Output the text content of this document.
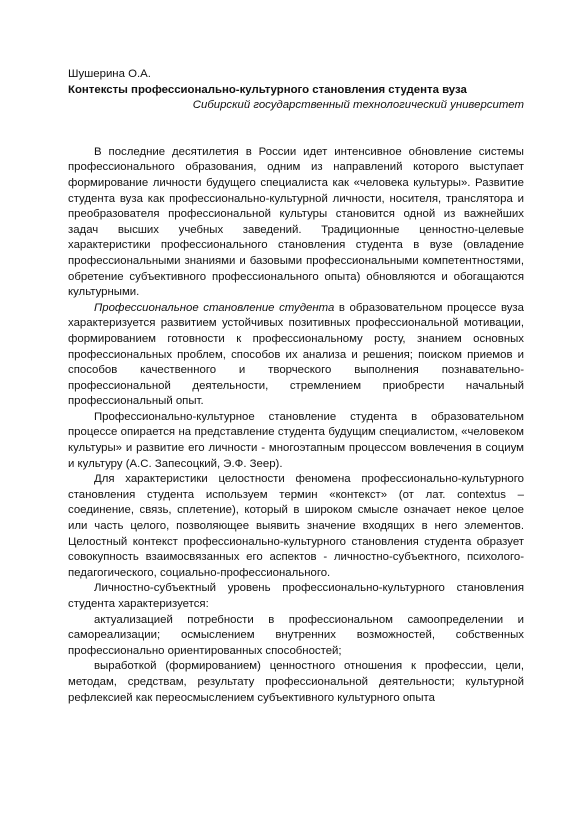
Шушерина О.А.

Контексты профессионально-культурного становления студента вуза

Сибирский государственный технологический университет

В последние десятилетия в России идет интенсивное обновление системы профессионального образования, одним из направлений которого выступает формирование личности будущего специалиста как «человека культуры». Развитие студента вуза как профессионально-культурной личности, носителя, транслятора и преобразователя профессиональной культуры становится одной из важнейших задач высших учебных заведений. Традиционные ценностно-целевые характеристики профессионального становления студента в вузе (овладение профессиональными знаниями и базовыми профессиональными компетентностями, обретение субъективного профессионального опыта) обновляются и обогащаются культурными.

Профессиональное становление студента в образовательном процессе вуза характеризуется развитием устойчивых позитивных профессиональной мотивации, формированием готовности к профессиональному росту, знанием основных профессиональных проблем, способов их анализа и решения; поиском приемов и способов качественного и творческого выполнения познавательно-профессиональной деятельности, стремлением приобрести начальный профессиональный опыт.

Профессионально-культурное становление студента в образовательном процессе опирается на представление студента будущим специалистом, «человеком культуры» и развитие его личности - многоэтапным процессом вовлечения в социум и культуру (А.С. Запесоцкий, Э.Ф. Зеер).

Для характеристики целостности феномена профессионально-культурного становления студента используем термин «контекст» (от лат. contextus – соединение, связь, сплетение), который в широком смысле означает некое целое или часть целого, позволяющее выявить значение входящих в него элементов. Целостный контекст профессионально-культурного становления студента образует совокупность взаимосвязанных его аспектов - личностно-субъектного, психолого-педагогического, социально-профессионального.

Личностно-субъектный уровень профессионально-культурного становления студента характеризуется:

актуализацией потребности в профессиональном самоопределении и самореализации; осмыслением внутренних возможностей, собственных профессионально ориентированных способностей;

выработкой (формированием) ценностного отношения к профессии, цели, методам, средствам, результату профессиональной деятельности; культурной рефлексией как переосмыслением субъективного культурного опыта
